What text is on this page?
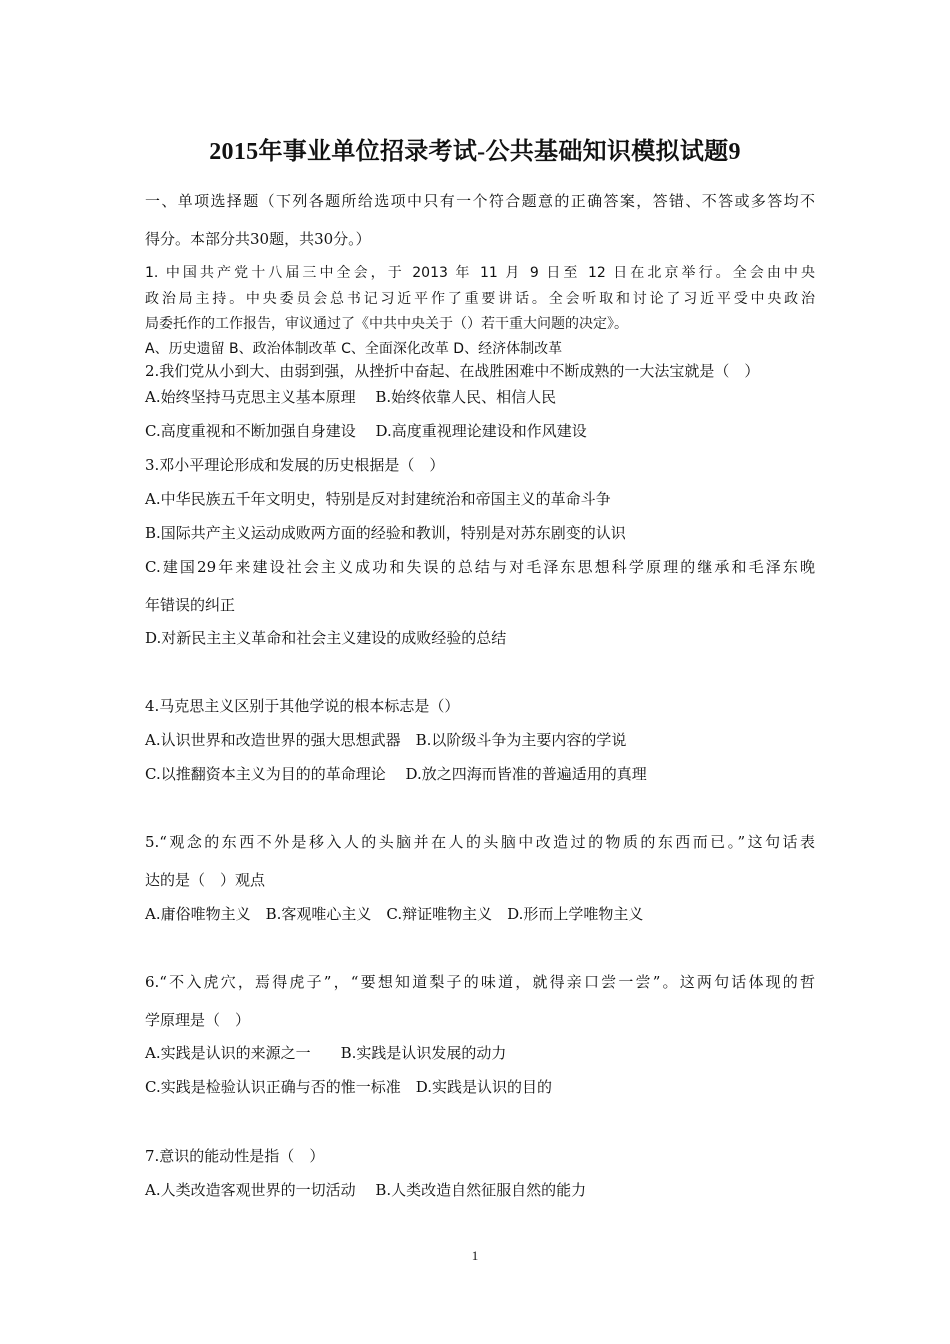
2015年事业单位招录考试-公共基础知识模拟试题9
一、单项选择题（下列各题所给选项中只有一个符合题意的正确答案，答错、不答或多答均不
得分。本部分共30题，共30分。）
1. 中国共产党十八届三中全会，于 2013 年 11 月 9 日至 12 日在北京举行。全会由中央
政治局主持。中央委员会总书记习近平作了重要讲话。全会听取和讨论了习近平受中央政治
局委托作的工作报告，审议通过了《中共中央关于（）若干重大问题的决定》。
A、历史遗留 B、政治体制改革 C、全面深化改革 D、经济体制改革
2.我们党从小到大、由弱到强，从挫折中奋起、在战胜困难中不断成熟的一大法宝就是（　）
A.始终坚持马克思主义基本原理　 B.始终依靠人民、相信人民
C.高度重视和不断加强自身建设　 D.高度重视理论建设和作风建设
3.邓小平理论形成和发展的历史根据是（　）
A.中华民族五千年文明史，特别是反对封建统治和帝国主义的革命斗争
B.国际共产主义运动成败两方面的经验和教训，特别是对苏东剧变的认识
C.建国29年来建设社会主义成功和失误的总结与对毛泽东思想科学原理的继承和毛泽东晚
年错误的纠正
D.对新民主主义革命和社会主义建设的成败经验的总结
4.马克思主义区别于其他学说的根本标志是（）
A.认识世界和改造世界的强大思想武器　B.以阶级斗争为主要内容的学说
C.以推翻资本主义为目的的革命理论　 D.放之四海而皆准的普遍适用的真理
5.“观念的东西不外是移入人的头脑并在人的头脑中改造过的物质的东西而已。”这句话表
达的是（　）观点
A.庸俗唯物主义　B.客观唯心主义　C.辩证唯物主义　D.形而上学唯物主义
6.“不入虎穴，焉得虎子”，“要想知道梨子的味道，就得亲口尝一尝”。这两句话体现的哲
学原理是（　）
A.实践是认识的来源之一　　B.实践是认识发展的动力
C.实践是检验认识正确与否的惟一标准　D.实践是认识的目的
7.意识的能动性是指（　）
A.人类改造客观世界的一切活动　 B.人类改造自然征服自然的能力
1
